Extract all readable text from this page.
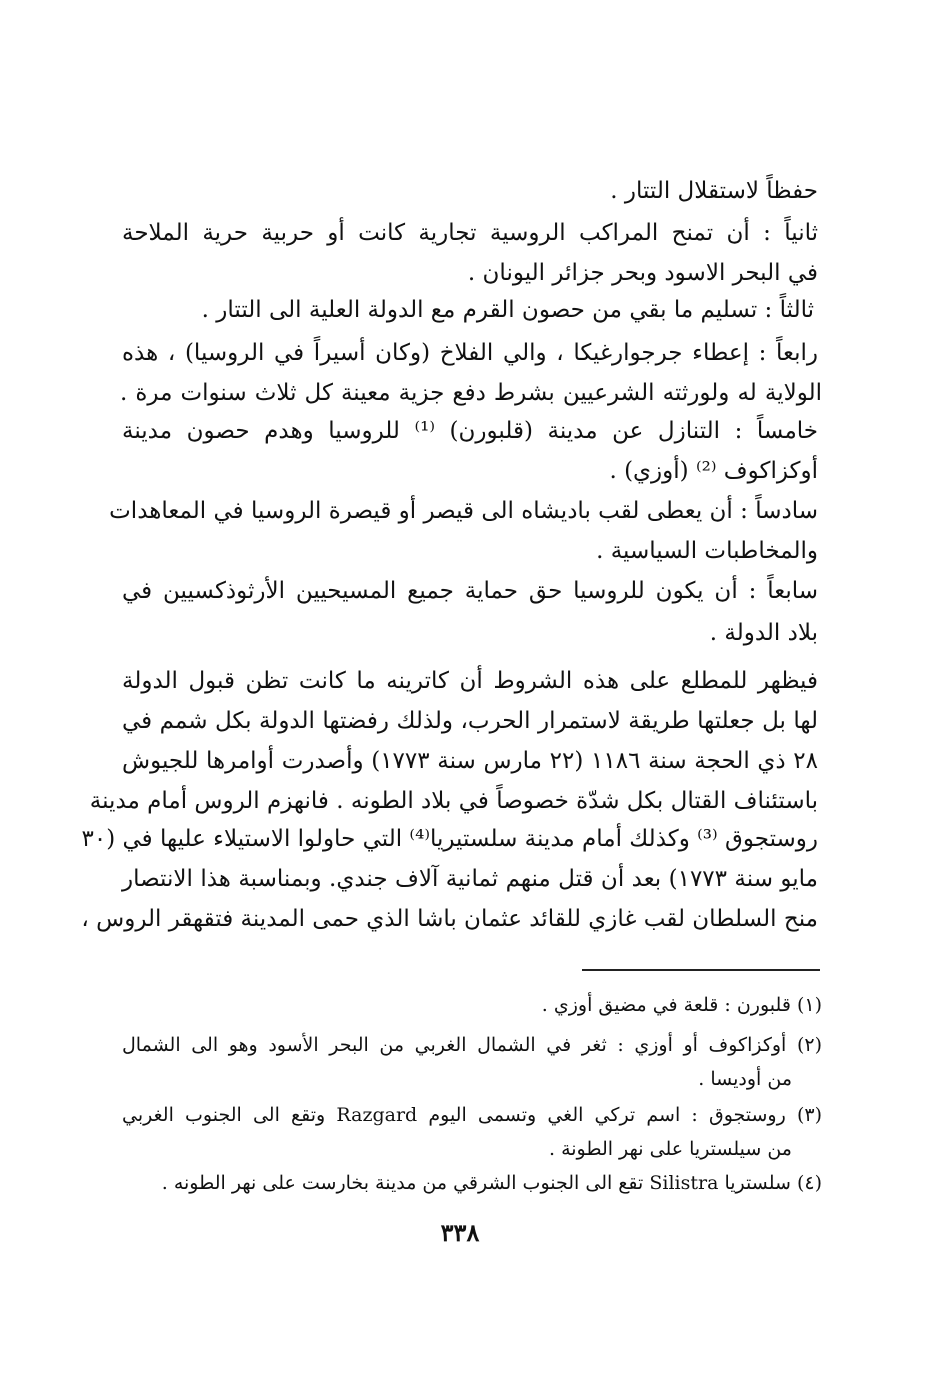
حفظاً لاستقلال التتار .
ثانياً : أن تمنح المراكب الروسية تجارية كانت أو حربية حرية الملاحة
في البحر الاسود وبحر جزائر اليونان .
ثالثاً : تسليم ما بقي من حصون القرم مع الدولة العلية الى التتار .
رابعاً : إعطاء جرجوارغيكا ، والي الفلاخ (وكان أسيراً في الروسيا) ، هذه
الولاية له ولورثته الشرعيين بشرط دفع جزية معينة كل ثلاث سنوات مرة .
خامساً : التنازل عن مدينة (قلبورن) ⁽¹⁾ للروسيا وهدم حصون مدينة
أوكزاكوف ⁽²⁾ (أوزي) .
سادساً : أن يعطى لقب باديشاه الى قيصر أو قيصرة الروسيا في المعاهدات
والمخاطبات السياسية .
سابعاً : أن يكون للروسيا حق حماية جميع المسيحيين الأرثوذكسيين في
بلاد الدولة .
فيظهر للمطلع على هذه الشروط أن كاترينه ما كانت تظن قبول الدولة
لها بل جعلتها طريقة لاستمرار الحرب، ولذلك رفضتها الدولة بكل شمم في
٢٨ ذي الحجة سنة ١١٨٦ (٢٢ مارس سنة ١٧٧٣) وأصدرت أوامرها للجيوش
باستئناف القتال بكل شدّة خصوصاً في بلاد الطونه . فانهزم الروس أمام مدينة
روستجوق ⁽³⁾ وكذلك أمام مدينة سلستيريا⁽⁴⁾ التي حاولوا الاستيلاء عليها في (٣٠
مايو سنة ١٧٧٣) بعد أن قتل منهم ثمانية آلاف جندي. وبمناسبة هذا الانتصار
منح السلطان لقب غازي للقائد عثمان باشا الذي حمى المدينة فتقهقر الروس ،
(١) قلبورن : قلعة في مضيق أوزي .
(٢) أوكزاكوف أو أوزي : ثغر في الشمال الغربي من البحر الأسود وهو الى الشمال
من أوديسا .
(٣) روستجوق : اسم تركي الغي وتسمى اليوم Razgard وتقع الى الجنوب الغربي
من سيلستريا على نهر الطونة .
(٤) سلستريا Silistra تقع الى الجنوب الشرقي من مدينة بخارست على نهر الطونه .
٣٣٨
